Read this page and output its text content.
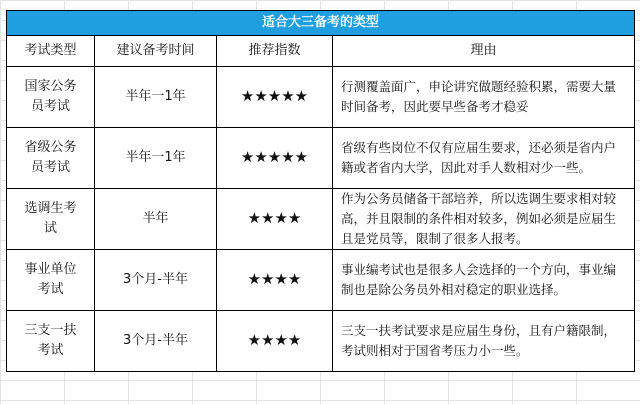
适合大三备考的类型			
考试类型	建议备考时间	推荐指数	理由
国家公务员考试	半年一1年	★★★★★	行测覆盖面广，申论讲究做题经验积累，需要大量时间备考，因此要早些备考才稳妥
省级公务员考试	半年一1年	★★★★★	省级有些岗位不仅有应届生要求，还必须是省内户籍或者省内大学，因此对手人数相对少一些。
选调生考试	半年	★★★★	作为公务员储备干部培养，所以选调生要求相对较高，并且限制的条件相对较多，例如必须是应届生且是党员等，限制了很多人报考。
事业单位考试	3个月-半年	★★★★	事业编考试也是很多人会选择的一个方向，事业编制也是除公务员外相对稳定的职业选择。
三支一扶考试	3个月-半年	★★★★	三支一扶考试要求是应届生身份，且有户籍限制，考试则相对于国省考压力小一些。
